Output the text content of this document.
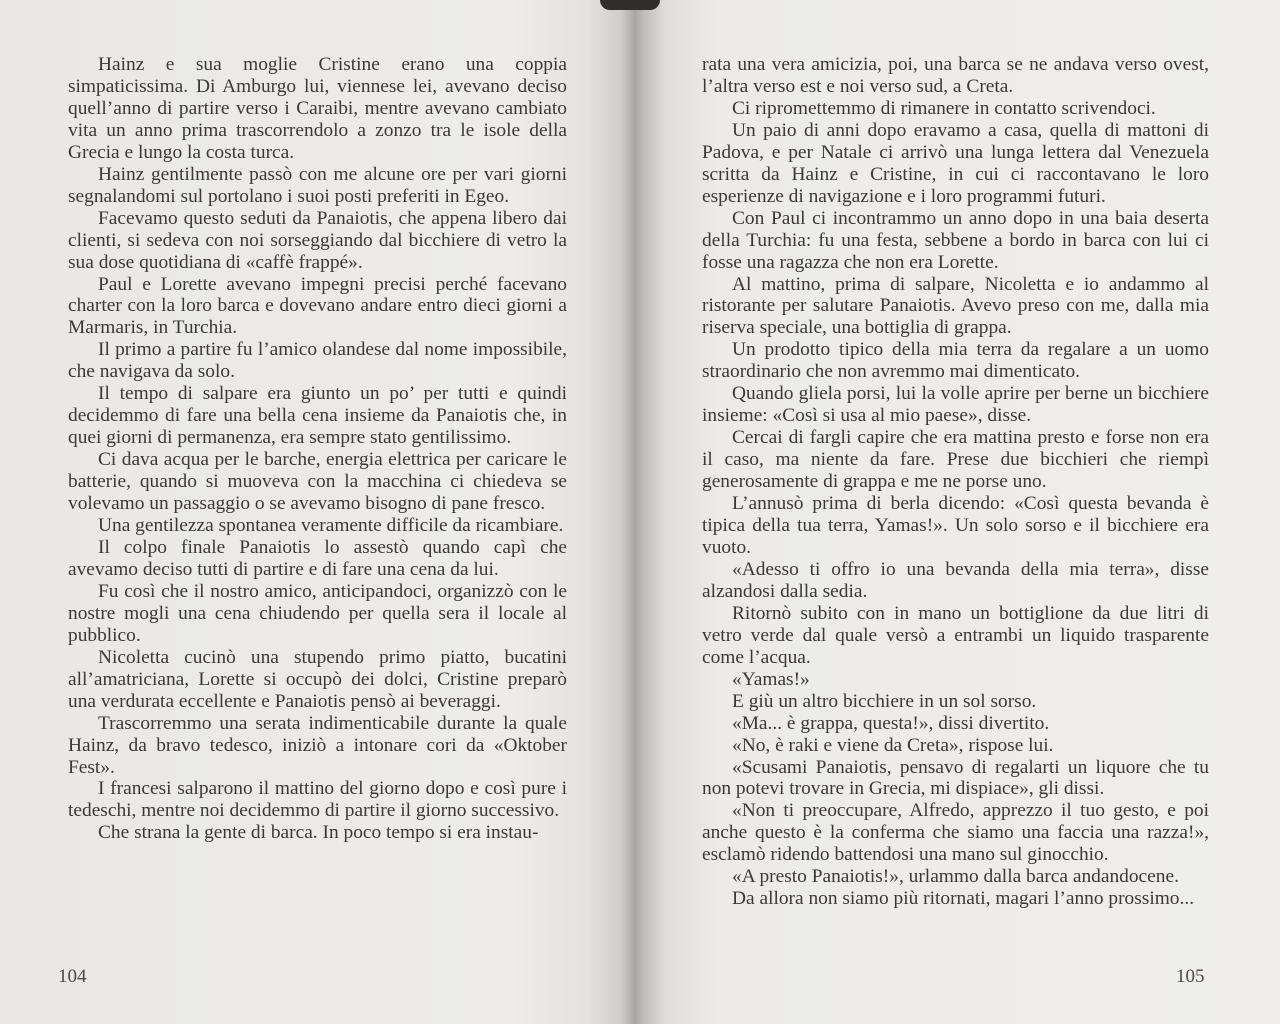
Hainz e sua moglie Cristine erano una coppia simpaticissima. Di Amburgo lui, viennese lei, avevano deciso quell’anno di partire verso i Caraibi, mentre avevano cambiato vita un anno prima trascorrendolo a zonzo tra le isole della Grecia e lungo la costa turca.

Hainz gentilmente passò con me alcune ore per vari giorni segnalandomi sul portolano i suoi posti preferiti in Egeo.

Facevamo questo seduti da Panaiotis, che appena libero dai clienti, si sedeva con noi sorseggiando dal bicchiere di vetro la sua dose quotidiana di «caffè frappé».

Paul e Lorette avevano impegni precisi perché facevano charter con la loro barca e dovevano andare entro dieci giorni a Marmaris, in Turchia.

Il primo a partire fu l’amico olandese dal nome impossibile, che navigava da solo.

Il tempo di salpare era giunto un po’ per tutti e quindi decidemmo di fare una bella cena insieme da Panaiotis che, in quei giorni di permanenza, era sempre stato gentilissimo.

Ci dava acqua per le barche, energia elettrica per caricare le batterie, quando si muoveva con la macchina ci chiedeva se volevamo un passaggio o se avevamo bisogno di pane fresco.

Una gentilezza spontanea veramente difficile da ricambiare.

Il colpo finale Panaiotis lo assestò quando capì che avevamo deciso tutti di partire e di fare una cena da lui.

Fu così che il nostro amico, anticipandoci, organizzò con le nostre mogli una cena chiudendo per quella sera il locale al pubblico.

Nicoletta cucinò una stupendo primo piatto, bucatini all’amatriciana, Lorette si occupò dei dolci, Cristine preparò una verdurata eccellente e Panaiotis pensò ai beveraggi.

Trascorremmo una serata indimenticabile durante la quale Hainz, da bravo tedesco, iniziò a intonare cori da «Oktober Fest».

I francesi salparono il mattino del giorno dopo e così pure i tedeschi, mentre noi decidemmo di partire il giorno successivo.

Che strana la gente di barca. In poco tempo si era instau-

104

rata una vera amicizia, poi, una barca se ne andava verso ovest, l’altra verso est e noi verso sud, a Creta.

Ci ripromettemmo di rimanere in contatto scrivendoci.

Un paio di anni dopo eravamo a casa, quella di mattoni di Padova, e per Natale ci arrivò una lunga lettera dal Venezuela scritta da Hainz e Cristine, in cui ci raccontavano le loro esperienze di navigazione e i loro programmi futuri.

Con Paul ci incontrammo un anno dopo in una baia deserta della Turchia: fu una festa, sebbene a bordo in barca con lui ci fosse una ragazza che non era Lorette.

Al mattino, prima di salpare, Nicoletta e io andammo al ristorante per salutare Panaiotis. Avevo preso con me, dalla mia riserva speciale, una bottiglia di grappa.

Un prodotto tipico della mia terra da regalare a un uomo straordinario che non avremmo mai dimenticato.

Quando gliela porsi, lui la volle aprire per berne un bicchiere insieme: «Così si usa al mio paese», disse.

Cercai di fargli capire che era mattina presto e forse non era il caso, ma niente da fare. Prese due bicchieri che riempì generosamente di grappa e me ne porse uno.

L’annusò prima di berla dicendo: «Così questa bevanda è tipica della tua terra, Yamas!». Un solo sorso e il bicchiere era vuoto.

«Adesso ti offro io una bevanda della mia terra», disse alzandosi dalla sedia.

Ritornò subito con in mano un bottiglione da due litri di vetro verde dal quale versò a entrambi un liquido trasparente come l’acqua.

«Yamas!»

E giù un altro bicchiere in un sol sorso.

«Ma... è grappa, questa!», dissi divertito.

«No, è raki e viene da Creta», rispose lui.

«Scusami Panaiotis, pensavo di regalarti un liquore che tu non potevi trovare in Grecia, mi dispiace», gli dissi.

«Non ti preoccupare, Alfredo, apprezzo il tuo gesto, e poi anche questo è la conferma che siamo una faccia una razza!», esclamò ridendo battendosi una mano sul ginocchio.

«A presto Panaiotis!», urlammo dalla barca andandocene.

Da allora non siamo più ritornati, magari l’anno prossimo...

105
